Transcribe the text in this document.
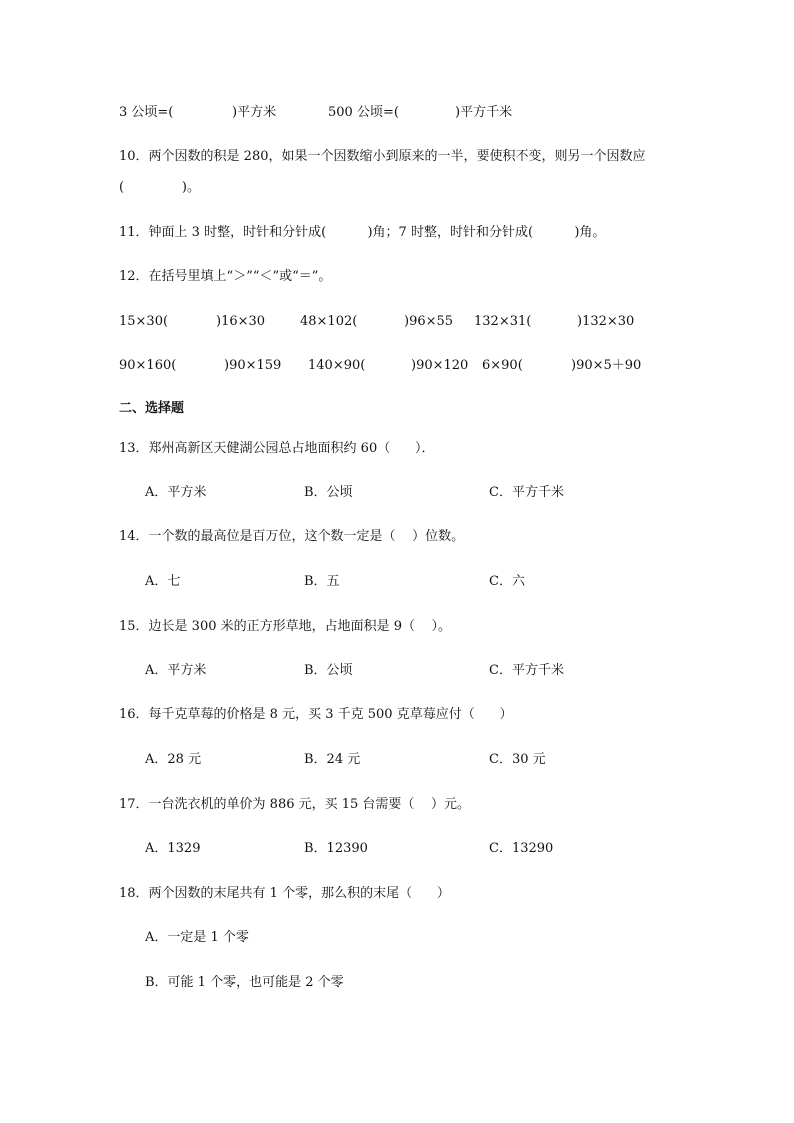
3 公顷=(	)平方米	500 公顷=(	)平方千米
10．两个因数的积是 280，如果一个因数缩小到原来的一半，要使积不变，则另一个因数应
(              )。
11．钟面上 3 时整，时针和分针成(          )角；7 时整，时针和分针成(          )角。
12．在括号里填上“＞”“＜”或“＝”。
15×30(	)16×30	48×102(	)96×55 132×31(	)132×30
90×160(	)90×159 140×90(	)90×120 6×90(	)90×5＋90
二、选择题
13．郑州高新区天健湖公园总占地面积约 60（      ）．
A．平方米	B．公顷	C．平方千米
14．一个数的最高位是百万位，这个数一定是（    ）位数。
A．七	B．五	C．六
15．边长是 300 米的正方形草地，占地面积是 9（    ）。
A．平方米	B．公顷	C．平方千米
16．每千克草莓的价格是 8 元，买 3 千克 500 克草莓应付（      ）
A．28 元	B．24 元	C．30 元
17．一台洗衣机的单价为 886 元，买 15 台需要（    ）元。
A．1329	B．12390	C．13290
18．两个因数的末尾共有 1 个零，那么积的末尾（      ）
A．一定是 1 个零
B．可能 1 个零，也可能是 2 个零
